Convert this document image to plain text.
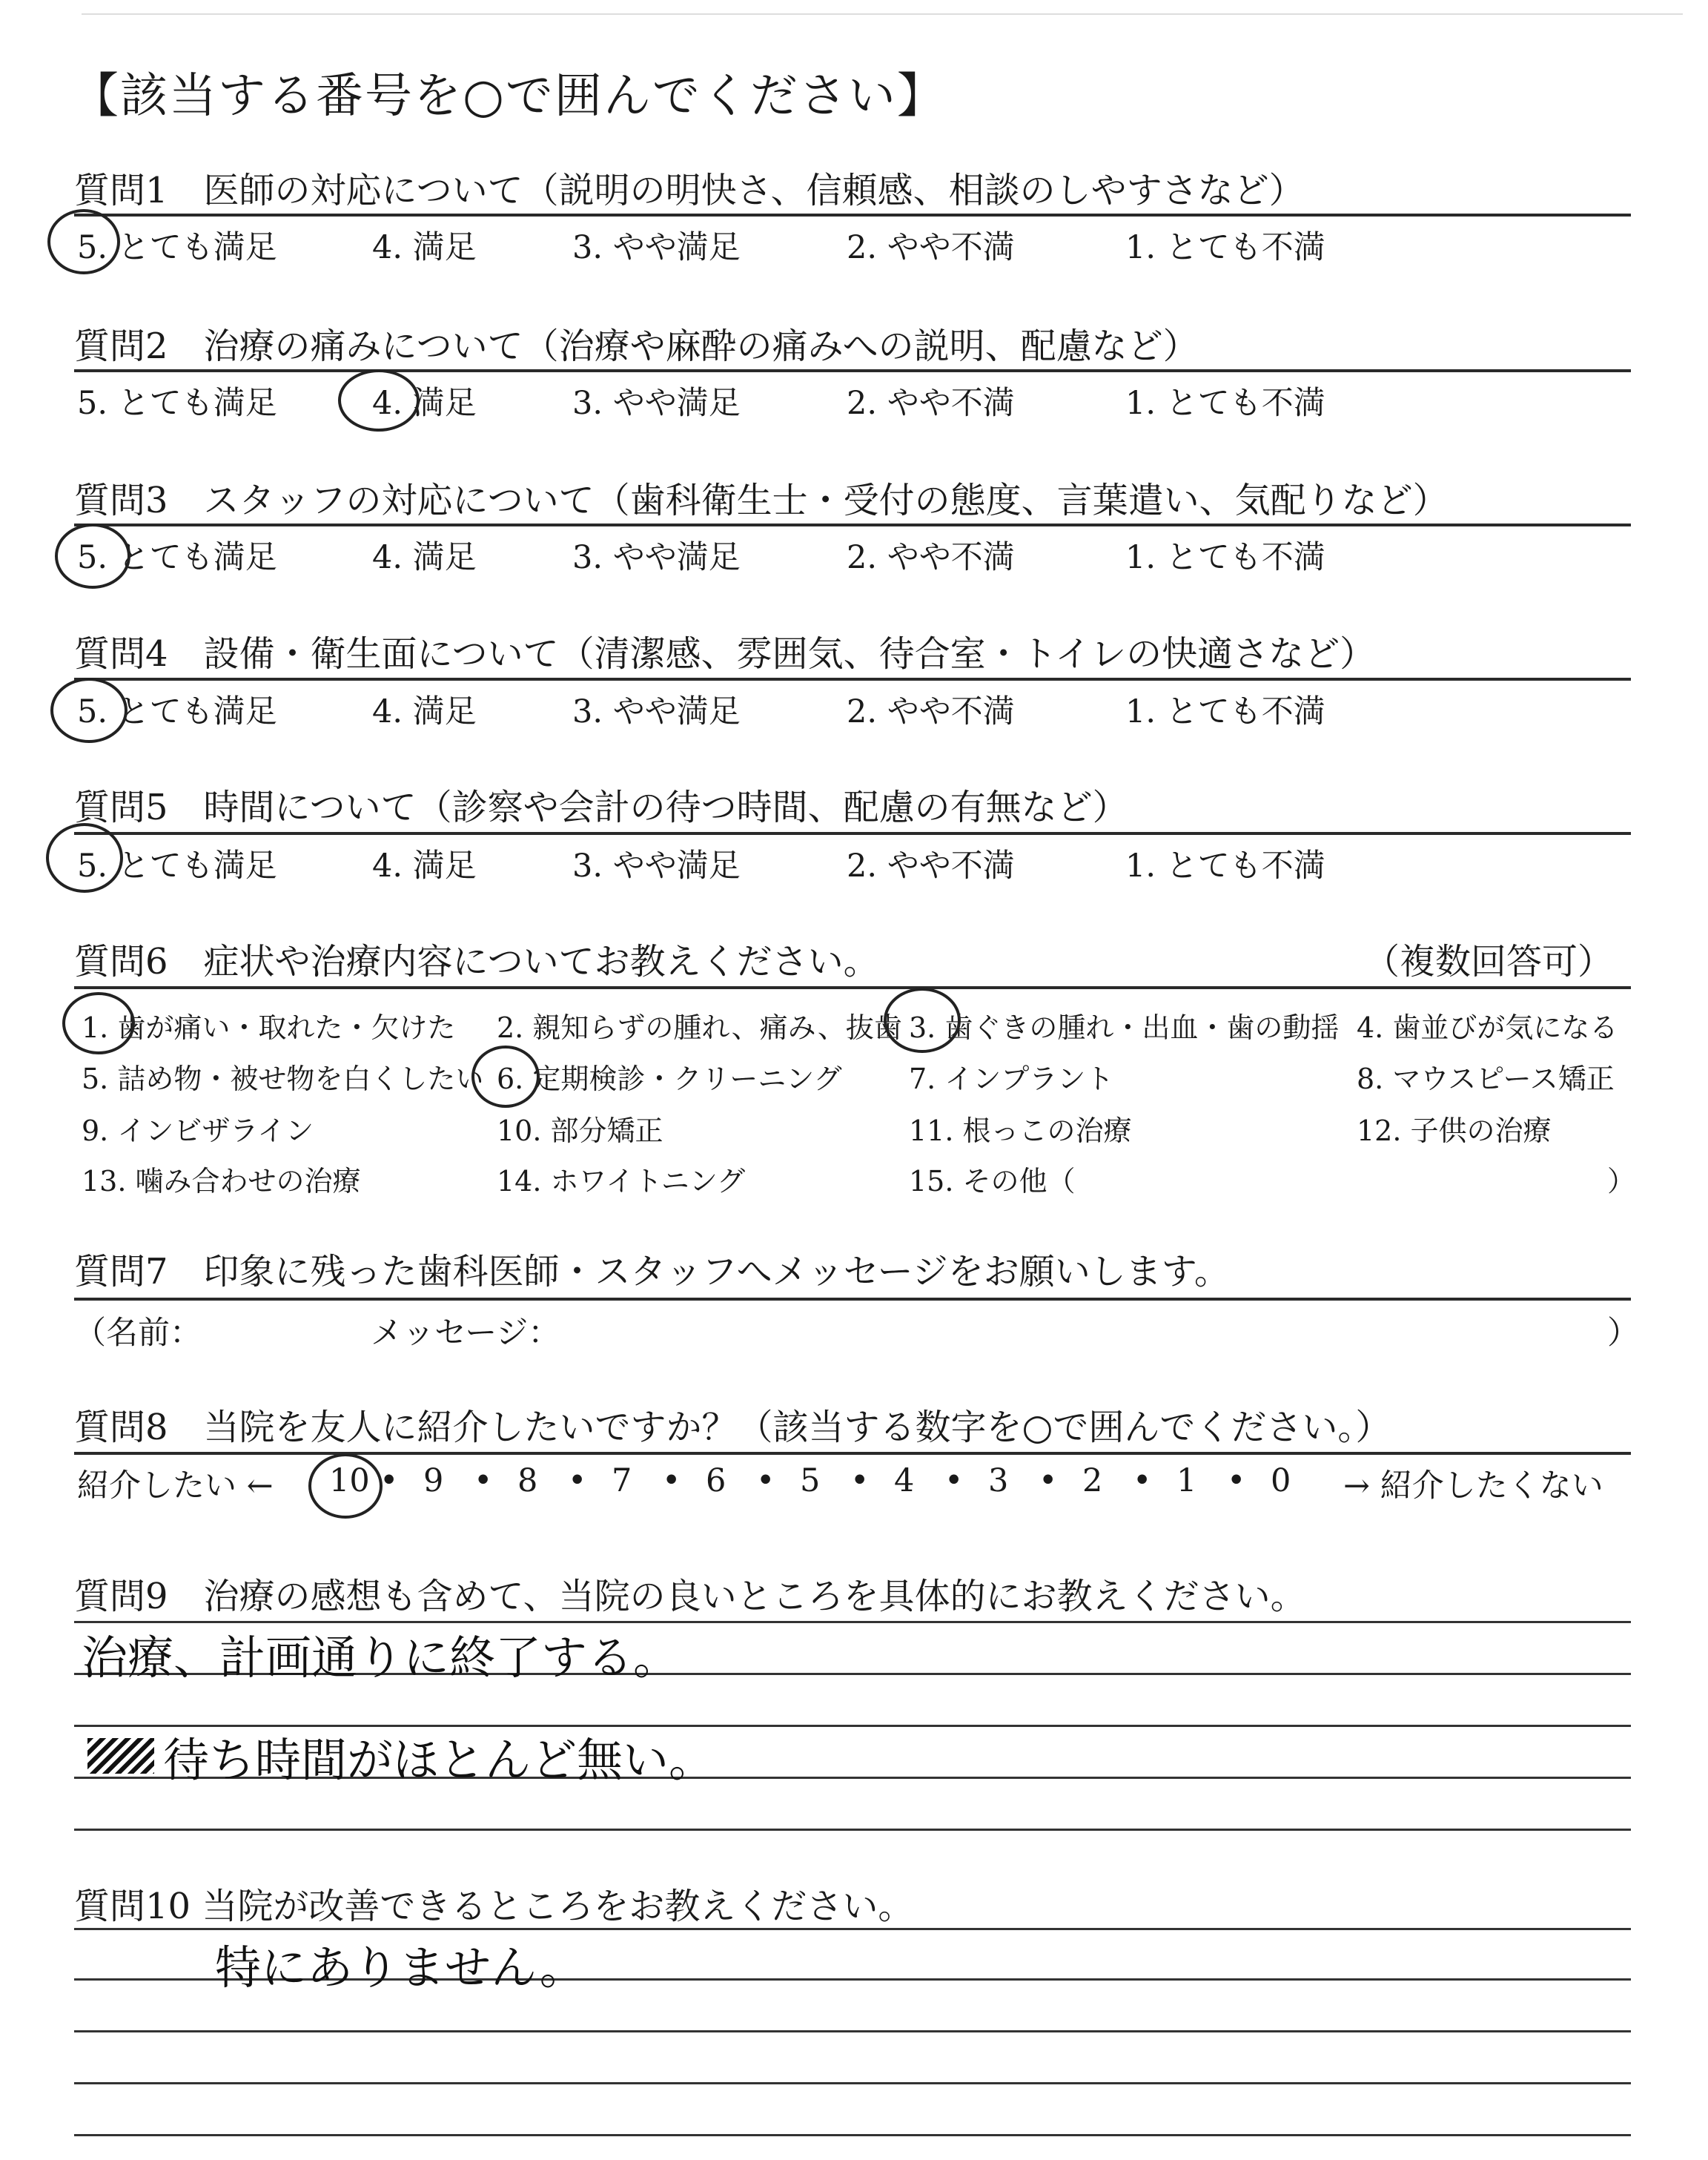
【該当する番号を○で囲んでください】
質問1　医師の対応について（説明の明快さ、信頼感、相談のしやすさなど）
5. とても満足	4. 満足	3. やや満足	2. やや不満	1. とても不満
質問2　治療の痛みについて（治療や麻酔の痛みへの説明、配慮など）
5. とても満足	4. 満足	3. やや満足	2. やや不満	1. とても不満
質問3　スタッフの対応について（歯科衛生士・受付の態度、言葉遣い、気配りなど）
5. とても満足	4. 満足	3. やや満足	2. やや不満	1. とても不満
質問4　設備・衛生面について（清潔感、雰囲気、待合室・トイレの快適さなど）
5. とても満足	4. 満足	3. やや満足	2. やや不満	1. とても不満
質問5　時間について（診察や会計の待つ時間、配慮の有無など）
5. とても満足	4. 満足	3. やや満足	2. やや不満	1. とても不満
質問6　症状や治療内容についてお教えください。	（複数回答可）
1. 歯が痛い・取れた・欠けた 2. 親知らずの腫れ、痛み、抜歯 3. 歯ぐきの腫れ・出血・歯の動揺 4. 歯並びが気になる
5. 詰め物・被せ物を白くしたい 6. 定期検診・クリーニング 7. インプラント	8. マウスピース矯正
9. インビザライン	10. 部分矯正	11. 根っこの治療	12. 子供の治療
13. 噛み合わせの治療	14. ホワイトニング	15. その他（	）
質問7　印象に残った歯科医師・スタッフへメッセージをお願いします。
（名前：	メッセージ：	）
質問8　当院を友人に紹介したいですか？（該当する数字を○で囲んでください。）
紹介したい ←	→ 紹介したくない
10 • 9 • 8 • 7 • 6 • 5 • 4 • 3 • 2 • 1 • 0
質問9　治療の感想も含めて、当院の良いところを具体的にお教えください。
治療、計画通りに終了する。
待ち時間がほとんど無い。
質問10 当院が改善できるところをお教えください。
特にありません。
